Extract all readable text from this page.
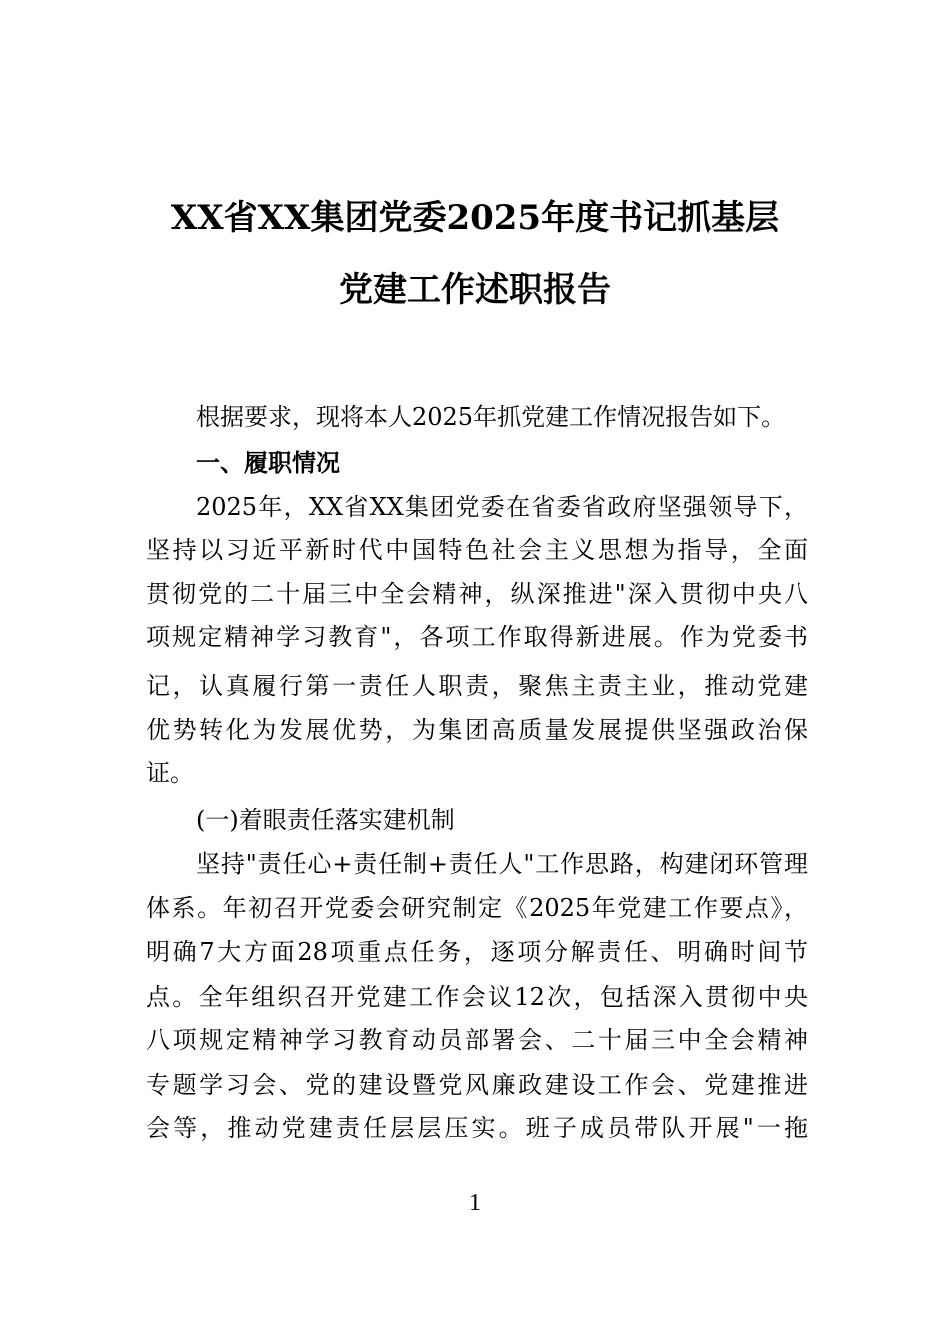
XX省XX集团党委2025年度书记抓基层
党建工作述职报告
根据要求，现将本人2025年抓党建工作情况报告如下。
一、履职情况
2025年，XX省XX集团党委在省委省政府坚强领导下，
坚持以习近平新时代中国特色社会主义思想为指导，全面
贯彻党的二十届三中全会精神，纵深推进"深入贯彻中央八
项规定精神学习教育"，各项工作取得新进展。作为党委书
记，认真履行第一责任人职责，聚焦主责主业，推动党建
优势转化为发展优势，为集团高质量发展提供坚强政治保
证。
(一)着眼责任落实建机制
坚持"责任心+责任制+责任人"工作思路，构建闭环管理
体系。年初召开党委会研究制定《2025年党建工作要点》，
明确7大方面28项重点任务，逐项分解责任、明确时间节
点。全年组织召开党建工作会议12次，包括深入贯彻中央
八项规定精神学习教育动员部署会、二十届三中全会精神
专题学习会、党的建设暨党风廉政建设工作会、党建推进
会等，推动党建责任层层压实。班子成员带队开展"一拖
1
